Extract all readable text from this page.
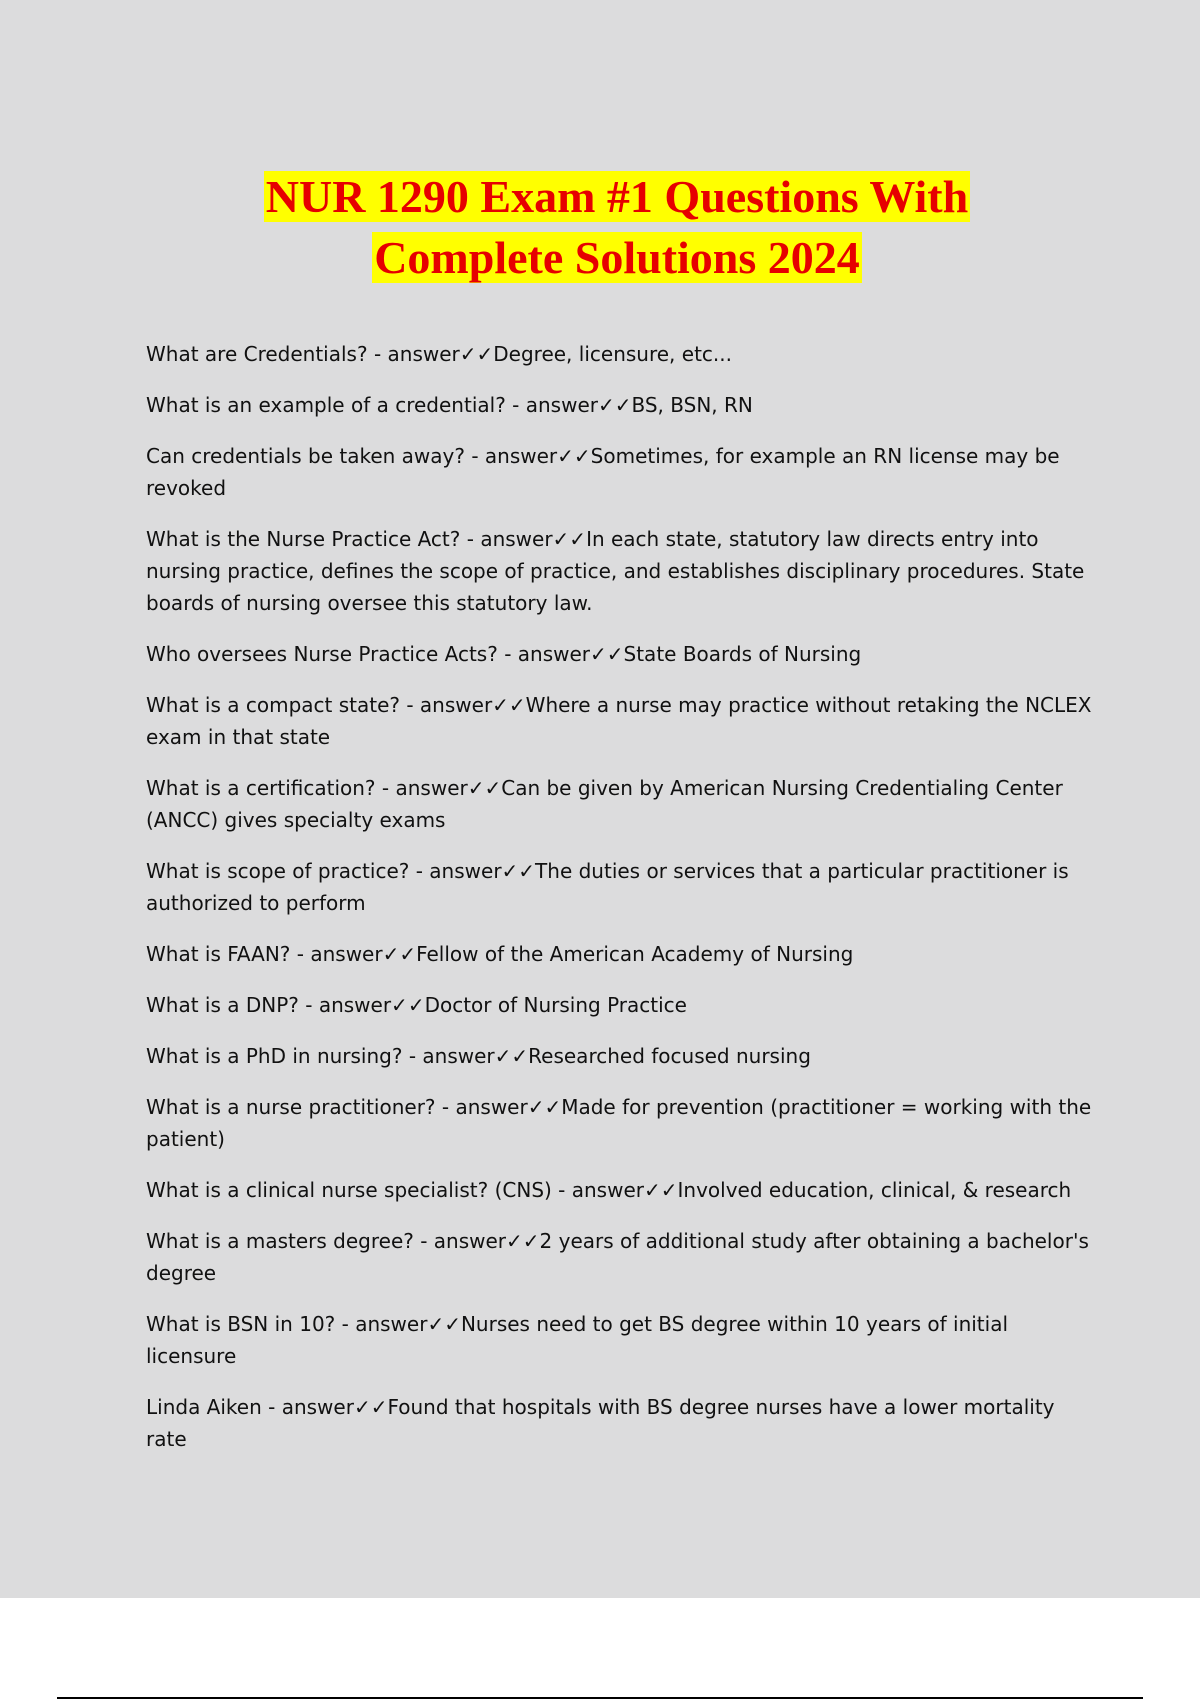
NUR 1290 Exam #1 Questions With
Complete Solutions 2024

What are Credentials? - answer✓✓Degree, licensure, etc...

What is an example of a credential? - answer✓✓BS, BSN, RN

Can credentials be taken away? - answer✓✓Sometimes, for example an RN license may be revoked

What is the Nurse Practice Act? - answer✓✓In each state, statutory law directs entry into nursing practice, defines the scope of practice, and establishes disciplinary procedures. State boards of nursing oversee this statutory law.

Who oversees Nurse Practice Acts? - answer✓✓State Boards of Nursing

What is a compact state? - answer✓✓Where a nurse may practice without retaking the NCLEX exam in that state

What is a certification? - answer✓✓Can be given by American Nursing Credentialing Center (ANCC) gives specialty exams

What is scope of practice? - answer✓✓The duties or services that a particular practitioner is authorized to perform

What is FAAN? - answer✓✓Fellow of the American Academy of Nursing

What is a DNP? - answer✓✓Doctor of Nursing Practice

What is a PhD in nursing? - answer✓✓Researched focused nursing

What is a nurse practitioner? - answer✓✓Made for prevention (practitioner = working with the patient)

What is a clinical nurse specialist? (CNS) - answer✓✓Involved education, clinical, & research

What is a masters degree? - answer✓✓2 years of additional study after obtaining a bachelor's degree

What is BSN in 10? - answer✓✓Nurses need to get BS degree within 10 years of initial licensure

Linda Aiken - answer✓✓Found that hospitals with BS degree nurses have a lower mortality rate
